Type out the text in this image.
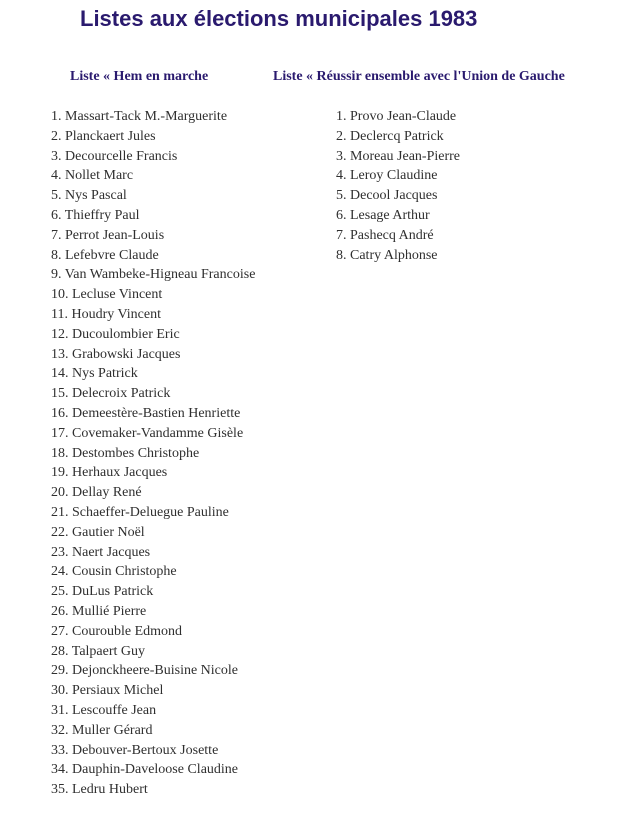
Listes aux élections municipales 1983
Liste « Hem en marche	Liste « Réussir ensemble avec l'Union de Gauche
1. Massart-Tack M.-Marguerite
2. Planckaert Jules
3. Decourcelle Francis
4. Nollet Marc
5. Nys Pascal
6. Thieffry Paul
7. Perrot Jean-Louis
8. Lefebvre Claude
9. Van Wambeke-Higneau Francoise
10. Lecluse Vincent
11. Houdry Vincent
12. Ducoulombier Eric
13. Grabowski Jacques
14. Nys Patrick
15. Delecroix Patrick
16. Demeestère-Bastien Henriette
17. Covemaker-Vandamme Gisèle
18. Destombes Christophe
19. Herhaux Jacques
20. Dellay René
21. Schaeffer-Deluegue Pauline
22. Gautier Noël
23. Naert Jacques
24. Cousin Christophe
25. DuLus Patrick
26. Mullié Pierre
27. Courouble Edmond
28. Talpaert Guy
29. Dejonckheere-Buisine Nicole
30. Persiaux Michel
31. Lescouffe Jean
32. Muller Gérard
33. Debouver-Bertoux Josette
34. Dauphin-Daveloose Claudine
35. Ledru Hubert
1. Provo Jean-Claude
2. Declercq Patrick
3. Moreau Jean-Pierre
4. Leroy Claudine
5. Decool Jacques
6. Lesage Arthur
7. Pashecq André
8. Catry Alphonse
